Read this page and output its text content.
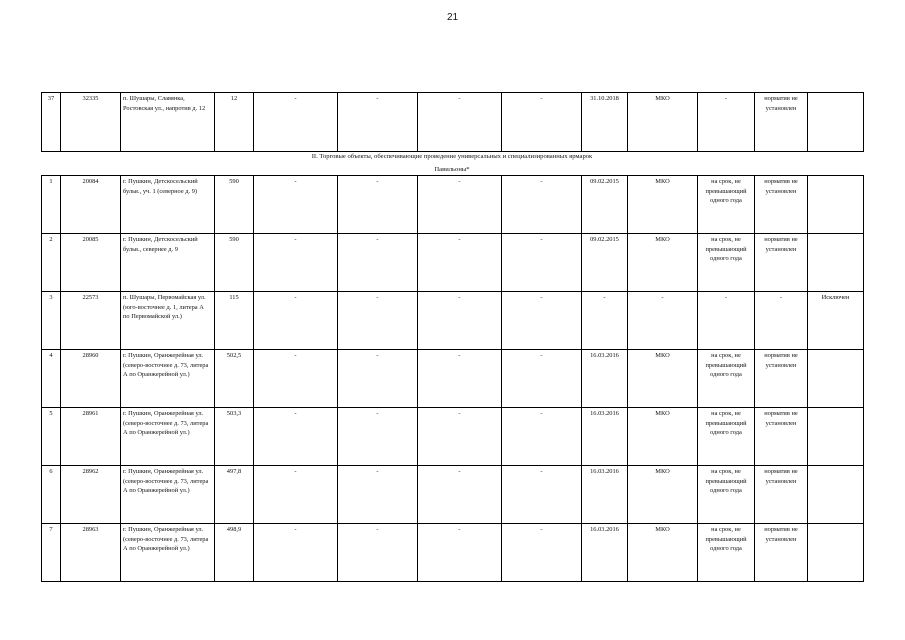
21
37	32335	п. Шушары, Славянка, Ростовская ул., напротив д. 12	12	-	-	-	-	31.10.2018	МКО	-	норматив не установлен	
II. Торговые объекты, обеспечивающие проведение универсальных и специализированных ярмарок
Павильоны*
1	20084	г. Пушкин, Детскосельский бульв., уч. 1 (северное д. 9)	590	-	-	-	-	09.02.2015	МКО	на срок, не превышающий одного года	норматив не установлен	
2	20085	г. Пушкин, Детскосельский бульв., севернее д. 9	590	-	-	-	-	09.02.2015	МКО	на срок, не превышающий одного года	норматив не установлен	
3	22573	п. Шушары, Первомайская ул. (юго-восточнее д. 1, литера А по Первомайской ул.)	115	-	-	-	-	-	-	-	-	Исключен
4	28960	г. Пушкин, Оранжерейная ул. (северо-восточнее д. 73, литера А по Оранжерейной ул.)	502,5	-	-	-	-	16.03.2016	МКО	на срок, не превышающий одного года	норматив не установлен	
5	28961	г. Пушкин, Оранжерейная ул. (северо-восточнее д. 73, литера А по Оранжерейной ул.)	503,3	-	-	-	-	16.03.2016	МКО	на срок, не превышающий одного года	норматив не установлен	
6	28962	г. Пушкин, Оранжерейная ул. (северо-восточнее д. 73, литера А по Оранжерейной ул.)	497,8	-	-	-	-	16.03.2016	МКО	на срок, не превышающий одного года	норматив не установлен	
7	28963	г. Пушкин, Оранжерейная ул. (северо-восточнее д. 73, литера А по Оранжерейной ул.)	498,9	-	-	-	-	16.03.2016	МКО	на срок, не превышающий одного года	норматив не установлен	
